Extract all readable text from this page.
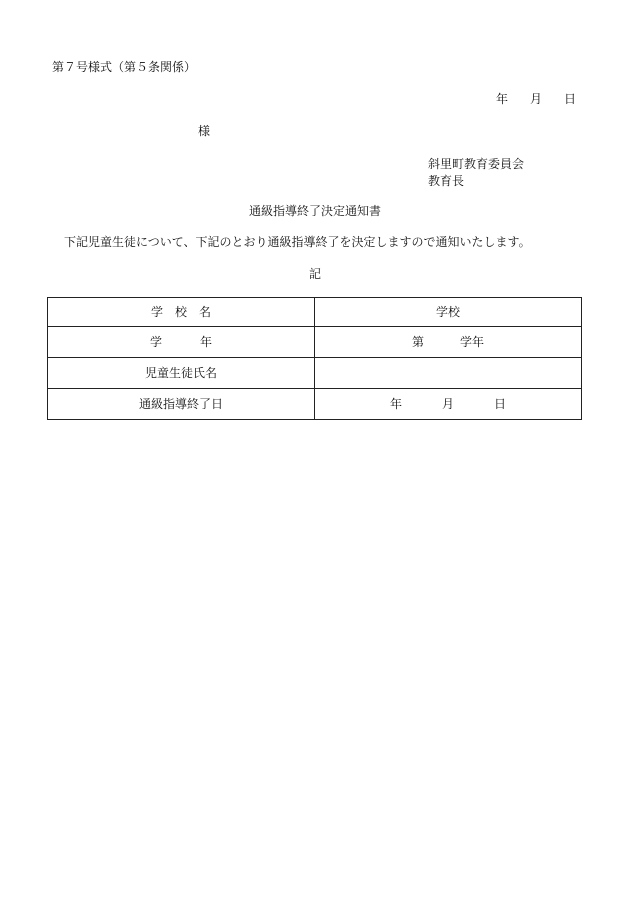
第７号様式（第５条関係）
年 月 日
様
斜里町教育委員会
教育長
通級指導終了決定通知書
下記児童生徒について、下記のとおり通級指導終了を決定しますので通知いたします。
記
学校名	学校
学年	第 学年
児童生徒氏名	
通級指導終了日	年 月 日
